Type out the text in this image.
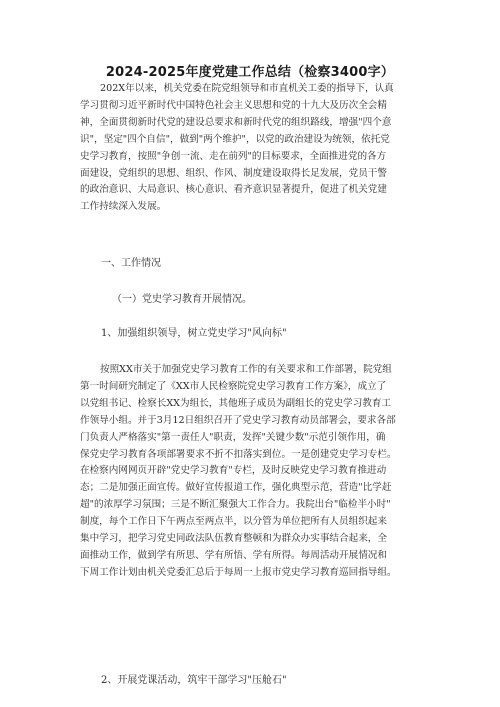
2024-2025年度党建工作总结（检察3400字）
202X年以来，机关党委在院党组领导和市直机关工委的指导下，认真
学习贯彻习近平新时代中国特色社会主义思想和党的十九大及历次全会精
神，全面贯彻新时代党的建设总要求和新时代党的组织路线，增强"四个意
识"，坚定"四个自信"，做到"两个维护"，以党的政治建设为统领，依托党
史学习教育，按照"争创一流、走在前列"的目标要求，全面推进党的各方
面建设，党组织的思想、组织、作风、制度建设取得长足发展，党员干警
的政治意识、大局意识、核心意识、看齐意识显著提升，促进了机关党建
工作持续深入发展。
一、工作情况
（一）党史学习教育开展情况。
1、加强组织领导，树立党史学习"风向标"
按照XX市关于加强党史学习教育工作的有关要求和工作部署，院党组
第一时间研究制定了《XX市人民检察院党史学习教育工作方案》，成立了
以党组书记、检察长XX为组长，其他班子成员为副组长的党史学习教育工
作领导小组。并于3月12日组织召开了党史学习教育动员部署会，要求各部
门负责人严格落实"第一责任人"职责，发挥"关键少数"示范引领作用，确
保党史学习教育各项部署要求不折不扣落实到位。一是创建党史学习专栏。
在检察内网网页开辟"党史学习教育"专栏，及时反映党史学习教育推进动
态；二是加强正面宣传。做好宣传报道工作，强化典型示范，营造"比学赶
超"的浓厚学习氛围；三是不断汇聚强大工作合力。我院出台"临检半小时"
制度，每个工作日下午两点至两点半，以分管为单位把所有人员组织起来
集中学习，把学习党史同政法队伍教育整顿和为群众办实事结合起来，全
面推动工作，做到学有所思、学有所悟、学有所得。每周活动开展情况和
下周工作计划由机关党委汇总后于每周一上报市党史学习教育巡回指导组。
2、开展党课活动，筑牢干部学习"压舱石"
